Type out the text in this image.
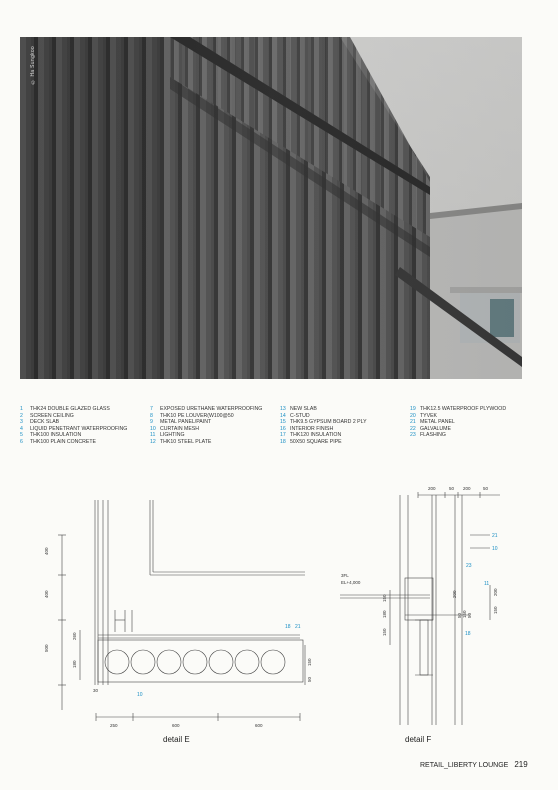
© Ha Sungkoo
1 THK24 DOUBLE GLAZED GLASS
2 SCREEN CEILING
3 DECK SLAB
4 LIQUID PENETRANT WATERPROOFING
5 THK100 INSULATION
6 THK100 PLAIN CONCRETE
7 EXPOSED URETHANE WATERPROOFING
8 THK10 PE LOUVER(W100@50
9 METAL PANEL/PAINT
10 CURTAIN MESH
11 LIGHTING
12 THK10 STEEL PLATE
13 NEW SLAB
14 C-STUD
15 THK9.5 GYPSUM BOARD 2 PLY
16 INTERIOR FINISH
17 THK120 INSULATION
18 50X50 SQUARE PIPE
19 THK12.5 WATERPROOF PLYWOOD
20 TYVEK
21 METAL PANEL
22 GALVALUME
23 FLASHING
400
400
500
260
180
30
150
50
250	600	600
3FL
EL+4,000
200	50 200	50
150
180
150
200
50 150 50
200
150
18 21
10
21
10
23
11
18
detail E	detail F
RETAIL_LIBERTY LOUNGE 219
